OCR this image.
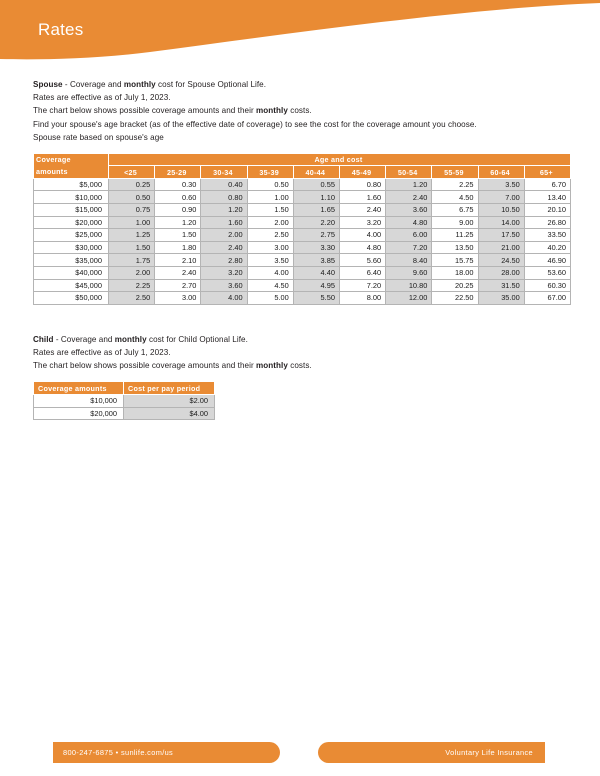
Rates
Spouse - Coverage and monthly cost for Spouse Optional Life.
Rates are effective as of July 1, 2023.
The chart below shows possible coverage amounts and their monthly costs.
Find your spouse's age bracket (as of the effective date of coverage) to see the cost for the coverage amount you choose.
Spouse rate based on spouse's age
Coverage amounts	Age and cost									
	<25	25-29	30-34	35-39	40-44	45-49	50-54	55-59	60-64	65+
$5,000	0.25	0.30	0.40	0.50	0.55	0.80	1.20	2.25	3.50	6.70
$10,000	0.50	0.60	0.80	1.00	1.10	1.60	2.40	4.50	7.00	13.40
$15,000	0.75	0.90	1.20	1.50	1.65	2.40	3.60	6.75	10.50	20.10
$20,000	1.00	1.20	1.60	2.00	2.20	3.20	4.80	9.00	14.00	26.80
$25,000	1.25	1.50	2.00	2.50	2.75	4.00	6.00	11.25	17.50	33.50
$30,000	1.50	1.80	2.40	3.00	3.30	4.80	7.20	13.50	21.00	40.20
$35,000	1.75	2.10	2.80	3.50	3.85	5.60	8.40	15.75	24.50	46.90
$40,000	2.00	2.40	3.20	4.00	4.40	6.40	9.60	18.00	28.00	53.60
$45,000	2.25	2.70	3.60	4.50	4.95	7.20	10.80	20.25	31.50	60.30
$50,000	2.50	3.00	4.00	5.00	5.50	8.00	12.00	22.50	35.00	67.00
Child - Coverage and monthly cost for Child Optional Life.
Rates are effective as of July 1, 2023.
The chart below shows possible coverage amounts and their monthly costs.
Coverage amounts	Cost per pay period
$10,000	$2.00
$20,000	$4.00
800-247-6875 • sunlife.com/us	Voluntary Life Insurance
